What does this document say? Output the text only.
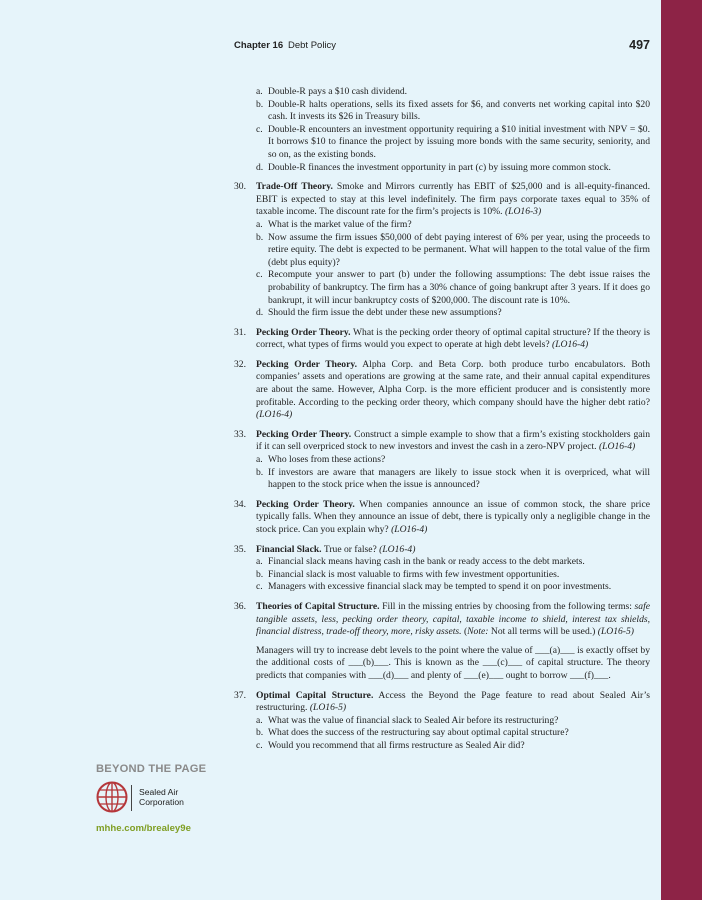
Chapter 16 Debt Policy	497
a. Double-R pays a $10 cash dividend.
b. Double-R halts operations, sells its fixed assets for $6, and converts net working capital into $20 cash. It invests its $26 in Treasury bills.
c. Double-R encounters an investment opportunity requiring a $10 initial investment with NPV = $0. It borrows $10 to finance the project by issuing more bonds with the same security, seniority, and so on, as the existing bonds.
d. Double-R finances the investment opportunity in part (c) by issuing more common stock.
30. Trade-Off Theory. Smoke and Mirrors currently has EBIT of $25,000 and is all-equity-financed. EBIT is expected to stay at this level indefinitely. The firm pays corporate taxes equal to 35% of taxable income. The discount rate for the firm’s projects is 10%. (LO16-3)
a. What is the market value of the firm?
b. Now assume the firm issues $50,000 of debt paying interest of 6% per year, using the proceeds to retire equity. The debt is expected to be permanent. What will happen to the total value of the firm (debt plus equity)?
c. Recompute your answer to part (b) under the following assumptions: The debt issue raises the probability of bankruptcy. The firm has a 30% chance of going bankrupt after 3 years. If it does go bankrupt, it will incur bankruptcy costs of $200,000. The discount rate is 10%.
d. Should the firm issue the debt under these new assumptions?
31. Pecking Order Theory. What is the pecking order theory of optimal capital structure? If the theory is correct, what types of firms would you expect to operate at high debt levels? (LO16-4)
32. Pecking Order Theory. Alpha Corp. and Beta Corp. both produce turbo encabulators. Both companies’ assets and operations are growing at the same rate, and their annual capital expenditures are about the same. However, Alpha Corp. is the more efficient producer and is consistently more profitable. According to the pecking order theory, which company should have the higher debt ratio? (LO16-4)
33. Pecking Order Theory. Construct a simple example to show that a firm’s existing stockholders gain if it can sell overpriced stock to new investors and invest the cash in a zero-NPV project. (LO16-4)
a. Who loses from these actions?
b. If investors are aware that managers are likely to issue stock when it is overpriced, what will happen to the stock price when the issue is announced?
34. Pecking Order Theory. When companies announce an issue of common stock, the share price typically falls. When they announce an issue of debt, there is typically only a negligible change in the stock price. Can you explain why? (LO16-4)
35. Financial Slack. True or false? (LO16-4)
a. Financial slack means having cash in the bank or ready access to the debt markets.
b. Financial slack is most valuable to firms with few investment opportunities.
c. Managers with excessive financial slack may be tempted to spend it on poor investments.
36. Theories of Capital Structure. Fill in the missing entries by choosing from the following terms: safe tangible assets, less, pecking order theory, capital, taxable income to shield, interest tax shields, financial distress, trade-off theory, more, risky assets. (Note: Not all terms will be used.) (LO16-5)
Managers will try to increase debt levels to the point where the value of ___(a)___ is exactly offset by the additional costs of ___(b)___. This is known as the ___(c)___ of capital structure. The theory predicts that companies with ___(d)___ and plenty of ___(e)___ ought to borrow ___(f)___.
37. Optimal Capital Structure. Access the Beyond the Page feature to read about Sealed Air’s restructuring. (LO16-5)
a. What was the value of financial slack to Sealed Air before its restructuring?
b. What does the success of the restructuring say about optimal capital structure?
c. Would you recommend that all firms restructure as Sealed Air did?
BEYOND THE PAGE
Sealed Air
Corporation
mhhe.com/brealey9e
